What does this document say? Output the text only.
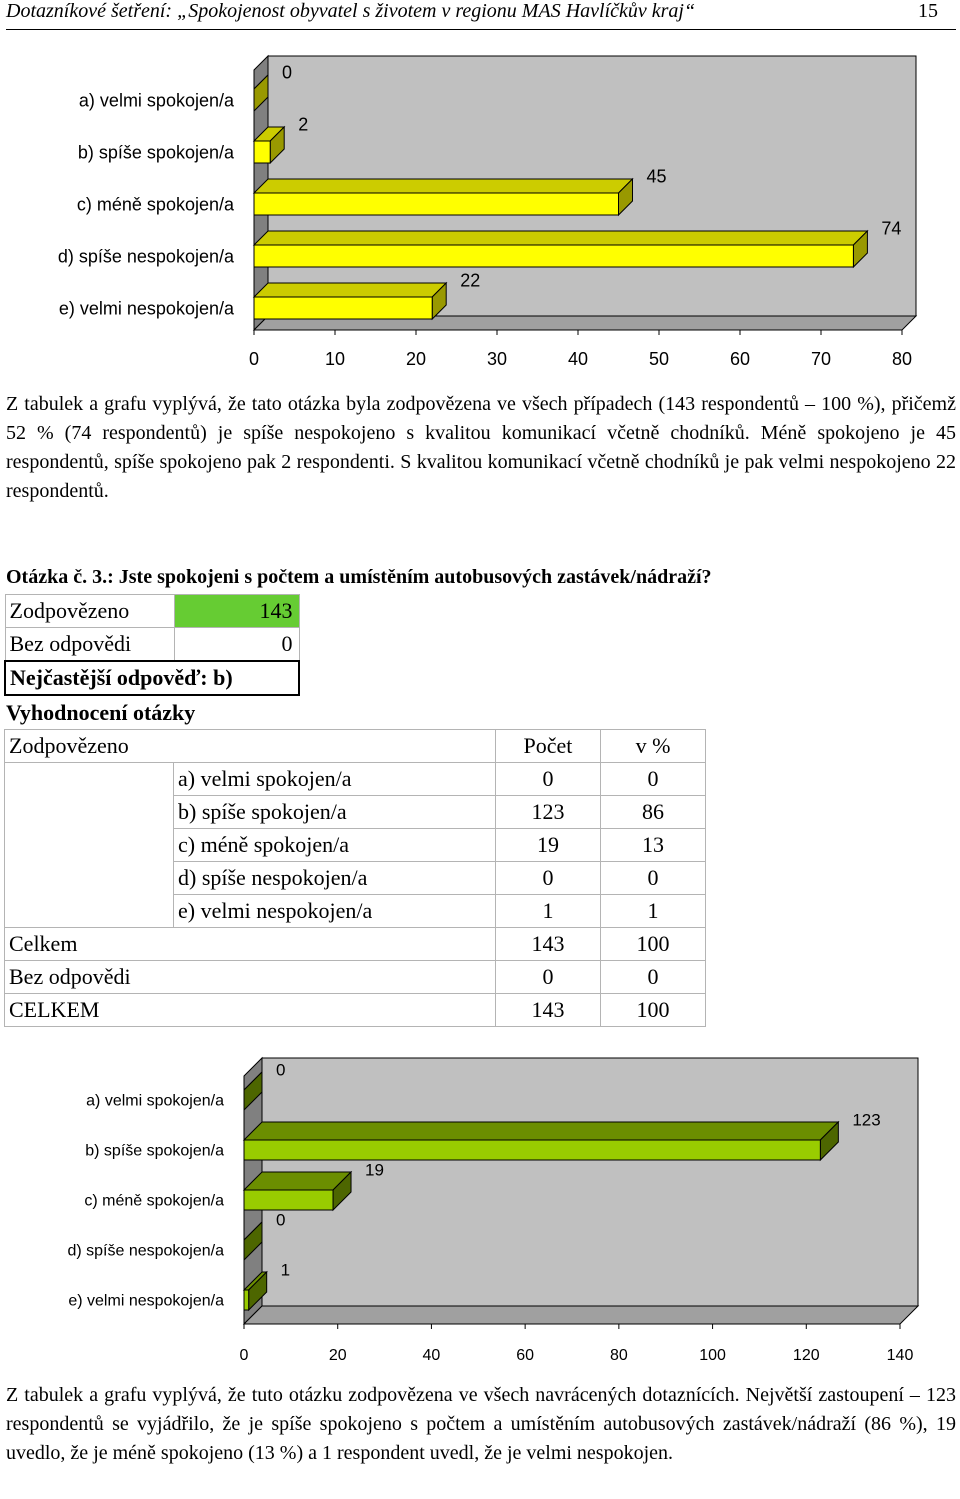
Dotazníkové šetření: „Spokojenost obyvatel s životem v regionu MAS Havlíčkův kraj“	15
0	10	20	30	40	50	60	70	80
a) velmi spokojen/a
0
b) spíše spokojen/a
2
c) méně spokojen/a
45
d) spíše nespokojen/a
74
e) velmi nespokojen/a
22
Z tabulek a grafu vyplývá, že tato otázka byla zodpovězena ve všech případech (143 respondentů – 100 %), přičemž 52 % (74 respondentů) je spíše nespokojeno s kvalitou komunikací včetně chodníků. Méně spokojeno je 45 respondentů, spíše spokojeno pak 2 respondenti. S kvalitou komunikací včetně chodníků je pak velmi nespokojeno 22 respondentů.
Otázka č. 3.: Jste spokojeni s počtem a umístěním autobusových zastávek/nádraží?
Zodpovězeno	143
Bez odpovědi	0
Nejčastější odpověď: b)	
Vyhodnocení otázky
Zodpovězeno		Počet	v %
	a) velmi spokojen/a	0	0
	b) spíše spokojen/a	123	86
	c) méně spokojen/a	19	13
	d) spíše nespokojen/a	0	0
	e) velmi nespokojen/a	1	1
Celkem		143	100
Bez odpovědi		0	0
CELKEM		143	100
0	20	40	60	80	100	120	140
a) velmi spokojen/a
0
b) spíše spokojen/a
123
c) méně spokojen/a
19
d) spíše nespokojen/a
0
e) velmi nespokojen/a
1
Z tabulek a grafu vyplývá, že tuto otázku zodpovězena ve všech navrácených dotaznících. Největší zastoupení – 123 respondentů se vyjádřilo, že je spíše spokojeno s počtem a umístěním autobusových zastávek/nádraží (86 %), 19 uvedlo, že je méně spokojeno (13 %) a 1 respondent uvedl, že je velmi nespokojen.
